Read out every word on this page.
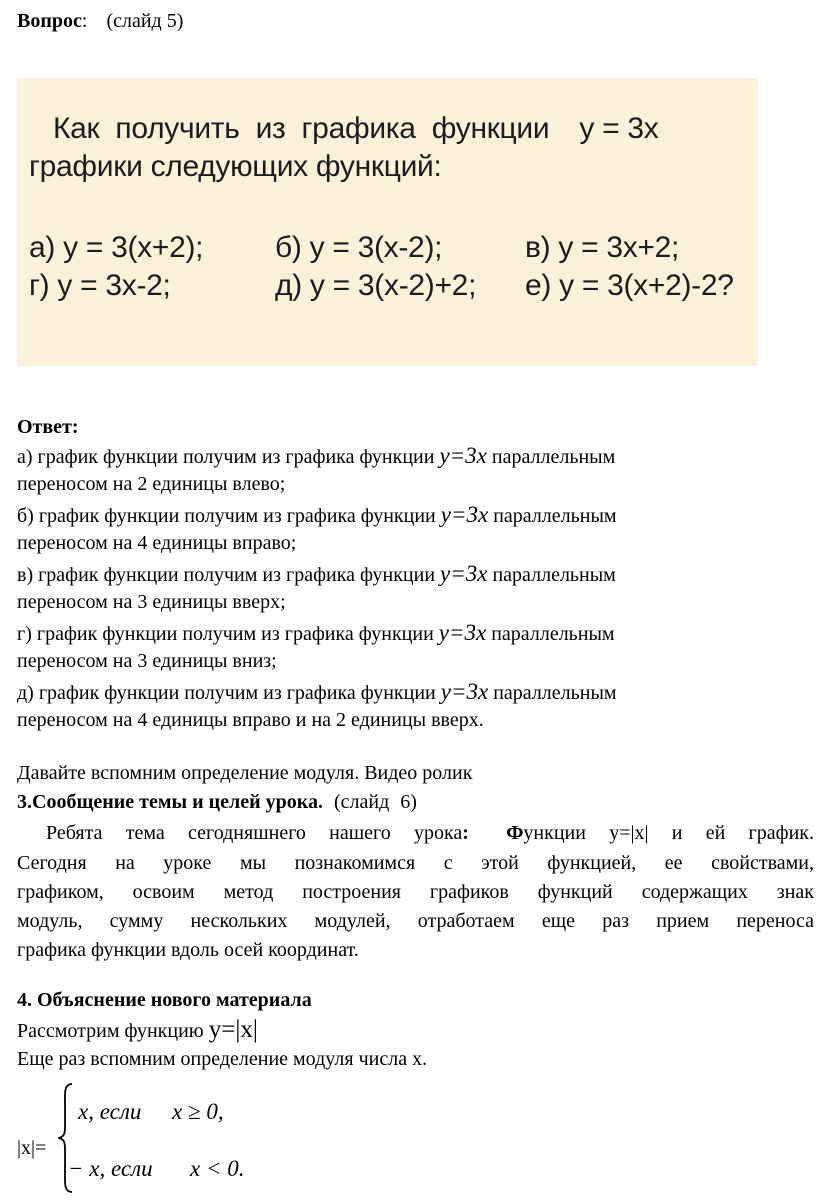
Вопрос: (слайд 5)
Как получить из графика функции у = 3х
графики следующих функций:
а) у = 3(х+2); б) у = 3(х-2);	в) у = 3х+2;
г) у = 3х-2;	д) у = 3(х-2)+2; е) у = 3(х+2)-2?
Ответ:
а) график функции получим из графика функции y=3x параллельным
переносом на 2 единицы влево;
б) график функции получим из графика функции y=3x параллельным
переносом на 4 единицы вправо;
в) график функции получим из графика функции y=3x параллельным
переносом на 3 единицы вверх;
г) график функции получим из графика функции y=3x параллельным
переносом на 3 единицы вниз;
д) график функции получим из графика функции y=3x параллельным
переносом на 4 единицы вправо и на 2 единицы вверх.
Давайте вспомним определение модуля. Видео ролик
3.Сообщение темы и целей урока. (слайд 6)
Ребята тема сегодняшнего нашего урока: Функции у=|х| и ей график.
Сегодня на уроке мы познакомимся с этой функцией, ее свойствами,
графиком, освоим метод построения графиков функций содержащих знак
модуль, сумму нескольких модулей, отработаем еще раз прием переноса
графика функции вдоль осей координат.
4. Объяснение нового материала
Рассмотрим функцию у=|х|
Еще раз вспомним определение модуля числа х.
|х|=
x, если x ≥ 0,
− x, если x < 0.
